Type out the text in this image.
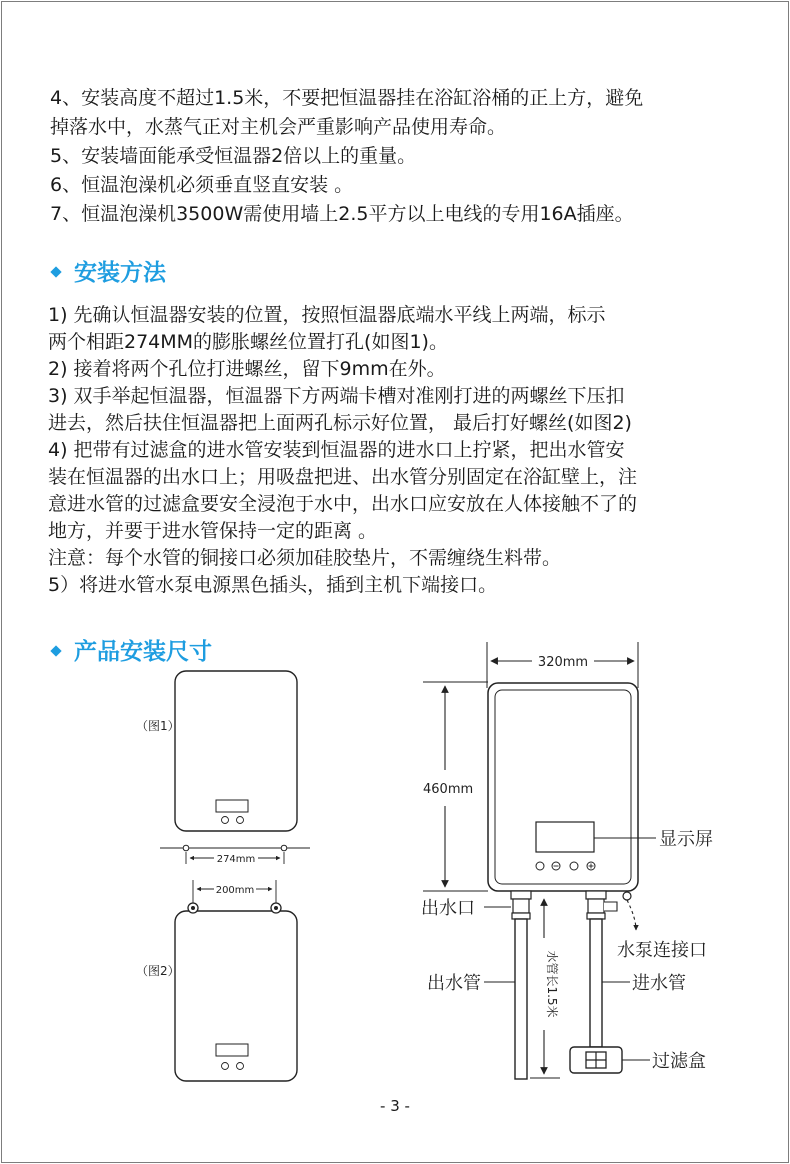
4、安装高度不超过1.5米，不要把恒温器挂在浴缸浴桶的正上方，避免
掉落水中，水蒸气正对主机会严重影响产品使用寿命。
5、安装墙面能承受恒温器2倍以上的重量。
6、恒温泡澡机必须垂直竖直安装 。
7、恒温泡澡机3500W需使用墙上2.5平方以上电线的专用16A插座。
安装方法
1) 先确认恒温器安装的位置，按照恒温器底端水平线上两端，标示
两个相距274MM的膨胀螺丝位置打孔(如图1)。
2) 接着将两个孔位打进螺丝，留下9mm在外。
3) 双手举起恒温器，恒温器下方两端卡槽对准刚打进的两螺丝下压扣
进去，然后扶住恒温器把上面两孔标示好位置， 最后打好螺丝(如图2)
4) 把带有过滤盒的进水管安装到恒温器的进水口上拧紧，把出水管安
装在恒温器的出水口上；用吸盘把进、出水管分别固定在浴缸壁上，注
意进水管的过滤盒要安全浸泡于水中，出水口应安放在人体接触不了的
地方，并要于进水管保持一定的距离 。
注意：每个水管的铜接口必须加硅胶垫片，不需缠绕生料带。
5）将进水管水泵电源黑色插头，插到主机下端接口。
产品安装尺寸
（图1）
274mm
200mm
（图2）
320mm
460mm
显示屏
水泵连接口
出水口
出水管	进水管
水管长1.5米
过滤盒
- 3 -
